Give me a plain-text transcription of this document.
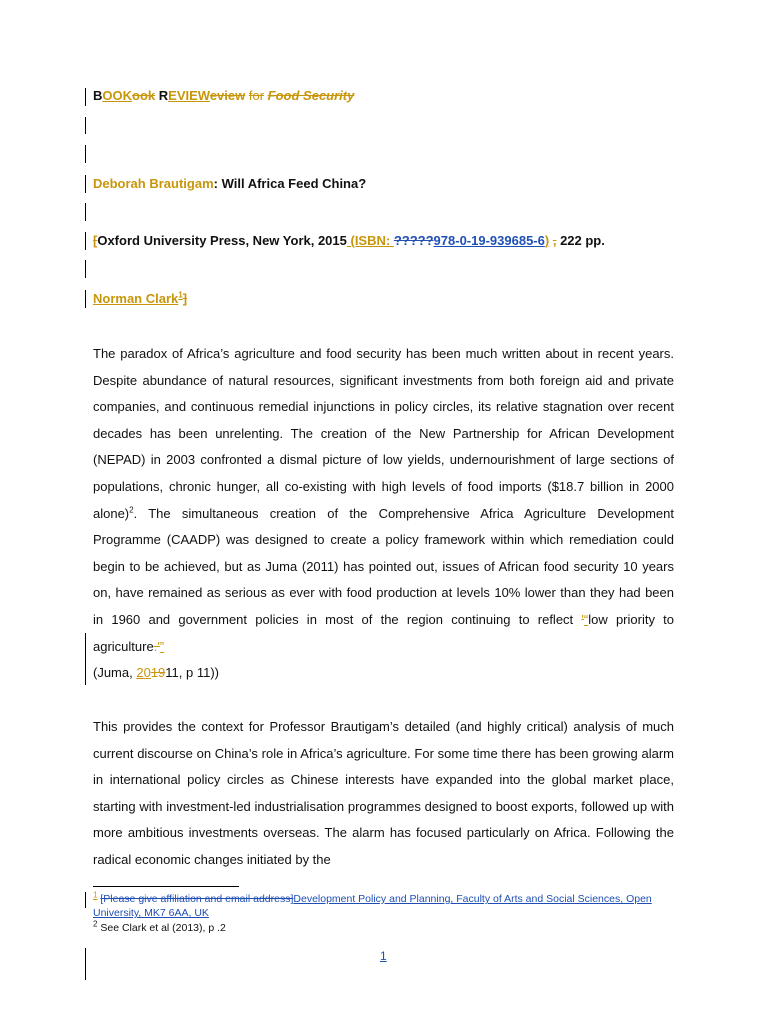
BOOKook REVIEWeview for Food Security
Deborah Brautigam: Will Africa Feed China?
[Oxford University Press, New York, 2015 (ISBN: ?????978-0-19-939685-6) , 222 pp.
Norman Clark$^1$]
The paradox of Africa’s agriculture and food security has been much written about in recent years. Despite abundance of natural resources, significant investments from both foreign aid and private companies, and continuous remedial injunctions in policy circles, its relative stagnation over recent decades has been unrelenting. The creation of the New Partnership for African Development (NEPAD) in 2003 confronted a dismal picture of low yields, undernourishment of large sections of populations, chronic hunger, all co-existing with high levels of food imports ($18.7 billion in 2000 alone)$^2$. The simultaneous creation of the Comprehensive Africa Agriculture Development Programme (CAADP) was designed to create a policy framework within which remediation could begin to be achieved, but as Juma (2011) has pointed out, issues of African food security 10 years on, have remained as serious as ever with food production at levels 10% lower than they had been in 1960 and government policies in most of the region continuing to reflect '“low priority to agriculture.'”
(Juma, 201911, p 11))
This provides the context for Professor Brautigam’s detailed (and highly critical) analysis of much current discourse on China’s role in Africa’s agriculture. For some time there has been growing alarm in international policy circles as Chinese interests have expanded into the global market place, starting with investment-led industrialisation programmes designed to boost exports, followed up with more ambitious investments overseas. The alarm has focused particularly on Africa. Following the radical economic changes initiated by the
$^1$ [Please give affiliation and email address]Development Policy and Planning, Faculty of Arts and Social Sciences, Open University, MK7 6AA, UK
$^2$ See Clark et al (2013), p .2
1
